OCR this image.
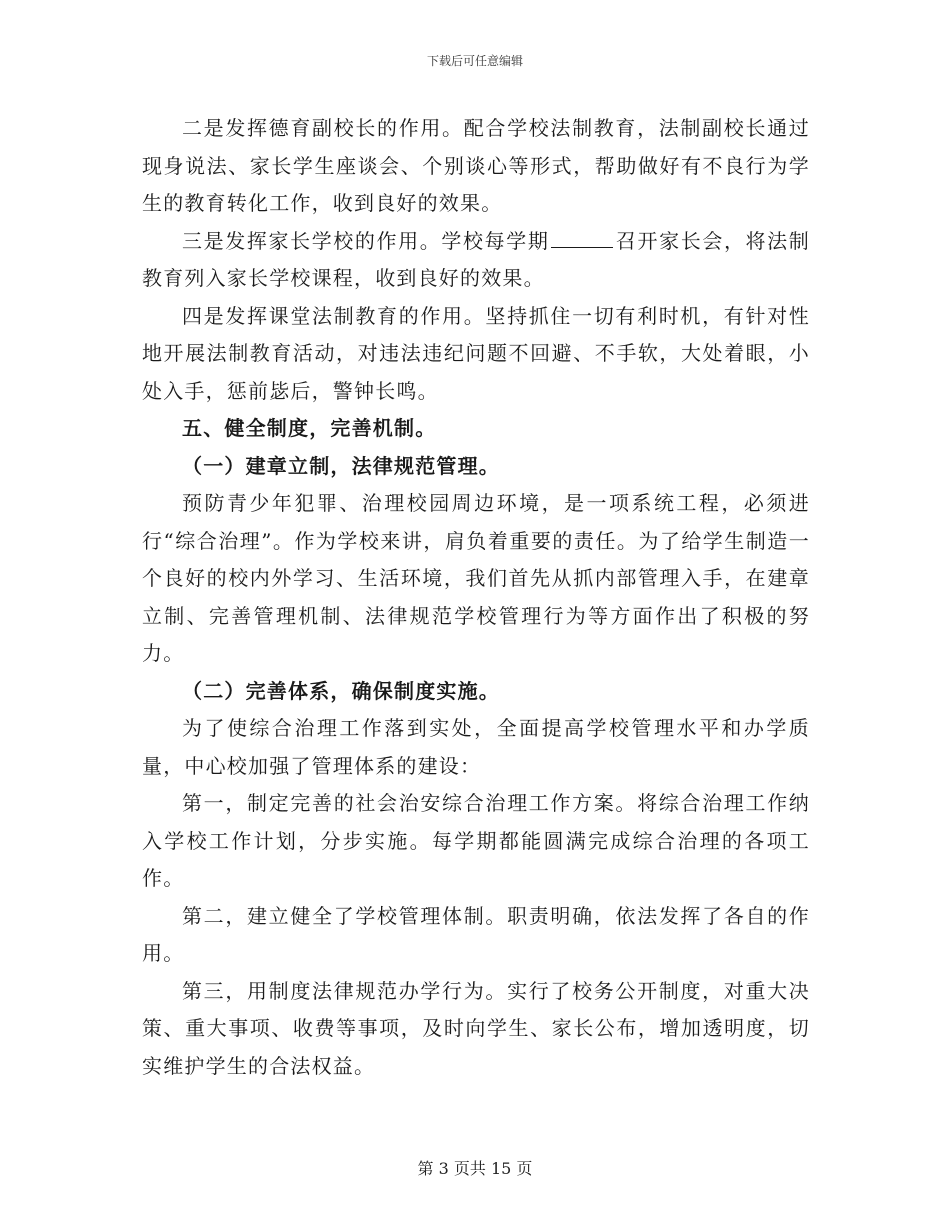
下载后可任意编辑

二是发挥德育副校长的作用。配合学校法制教育，法制副校长通过现身说法、家长学生座谈会、个别谈心等形式，帮助做好有不良行为学生的教育转化工作，收到良好的效果。

三是发挥家长学校的作用。学校每学期	召开家长会，将法制教育列入家长学校课程，收到良好的效果。

四是发挥课堂法制教育的作用。坚持抓住一切有利时机，有针对性地开展法制教育活动，对违法违纪问题不回避、不手软，大处着眼，小处入手，惩前毖后，警钟长鸣。

五、健全制度，完善机制。

（一）建章立制，法律规范管理。

预防青少年犯罪、治理校园周边环境，是一项系统工程，必须进行“综合治理”。作为学校来讲，肩负着重要的责任。为了给学生制造一个良好的校内外学习、生活环境，我们首先从抓内部管理入手，在建章立制、完善管理机制、法律规范学校管理行为等方面作出了积极的努力。

（二）完善体系，确保制度实施。

为了使综合治理工作落到实处，全面提高学校管理水平和办学质量，中心校加强了管理体系的建设：

第一，制定完善的社会治安综合治理工作方案。将综合治理工作纳入学校工作计划，分步实施。每学期都能圆满完成综合治理的各项工作。

第二，建立健全了学校管理体制。职责明确，依法发挥了各自的作用。

第三，用制度法律规范办学行为。实行了校务公开制度，对重大决策、重大事项、收费等事项，及时向学生、家长公布，增加透明度，切实维护学生的合法权益。

第 3 页共 15 页
